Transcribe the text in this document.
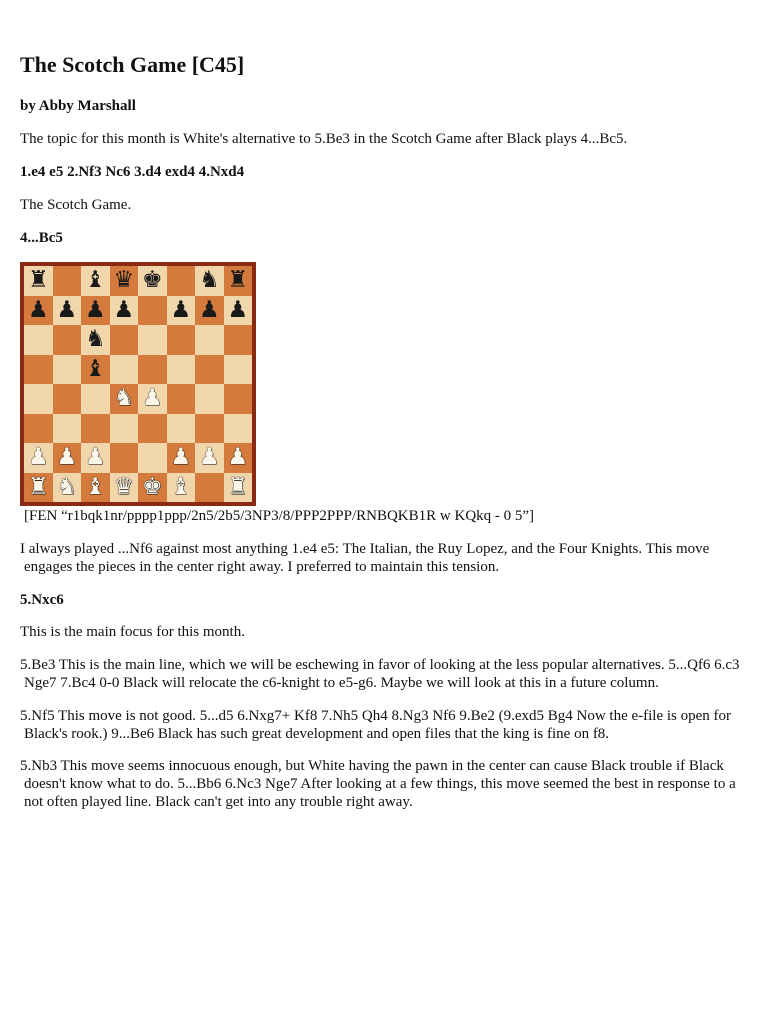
The Scotch Game [C45]

by Abby Marshall

The topic for this month is White's alternative to 5.Be3 in the Scotch Game after Black plays 4...Bc5.

1.e4 e5 2.Nf3 Nc6 3.d4 exd4 4.Nxd4

The Scotch Game.

4...Bc5

♜ ♝ ♛ ♚ ♞ ♜
♟ ♟ ♟ ♟ ♟ ♟ ♟
♞
♝
♞ ♟
♟ ♟ ♟	♟ ♟ ♟
♜ ♞ ♝ ♛ ♚ ♝ ♜

[FEN “r1bqk1nr/pppp1ppp/2n5/2b5/3NP3/8/PPP2PPP/RNBQKB1R w KQkq - 0 5”]

I always played ...Nf6 against most anything 1.e4 e5: The Italian, the Ruy Lopez, and the Four Knights. This move
engages the pieces in the center right away. I preferred to maintain this tension.

5.Nxc6

This is the main focus for this month.

5.Be3 This is the main line, which we will be eschewing in favor of looking at the less popular alternatives. 5...Qf6 6.c3
Nge7 7.Bc4 0-0 Black will relocate the c6-knight to e5-g6. Maybe we will look at this in a future column.
5.Nf5 This move is not good. 5...d5 6.Nxg7+ Kf8 7.Nh5 Qh4 8.Ng3 Nf6 9.Be2 (9.exd5 Bg4 Now the e-file is open for
Black's rook.) 9...Be6 Black has such great development and open files that the king is fine on f8.
5.Nb3 This move seems innocuous enough, but White having the pawn in the center can cause Black trouble if Black
doesn't know what to do. 5...Bb6 6.Nc3 Nge7 After looking at a few things, this move seemed the best in response to a
not often played line. Black can't get into any trouble right away.
